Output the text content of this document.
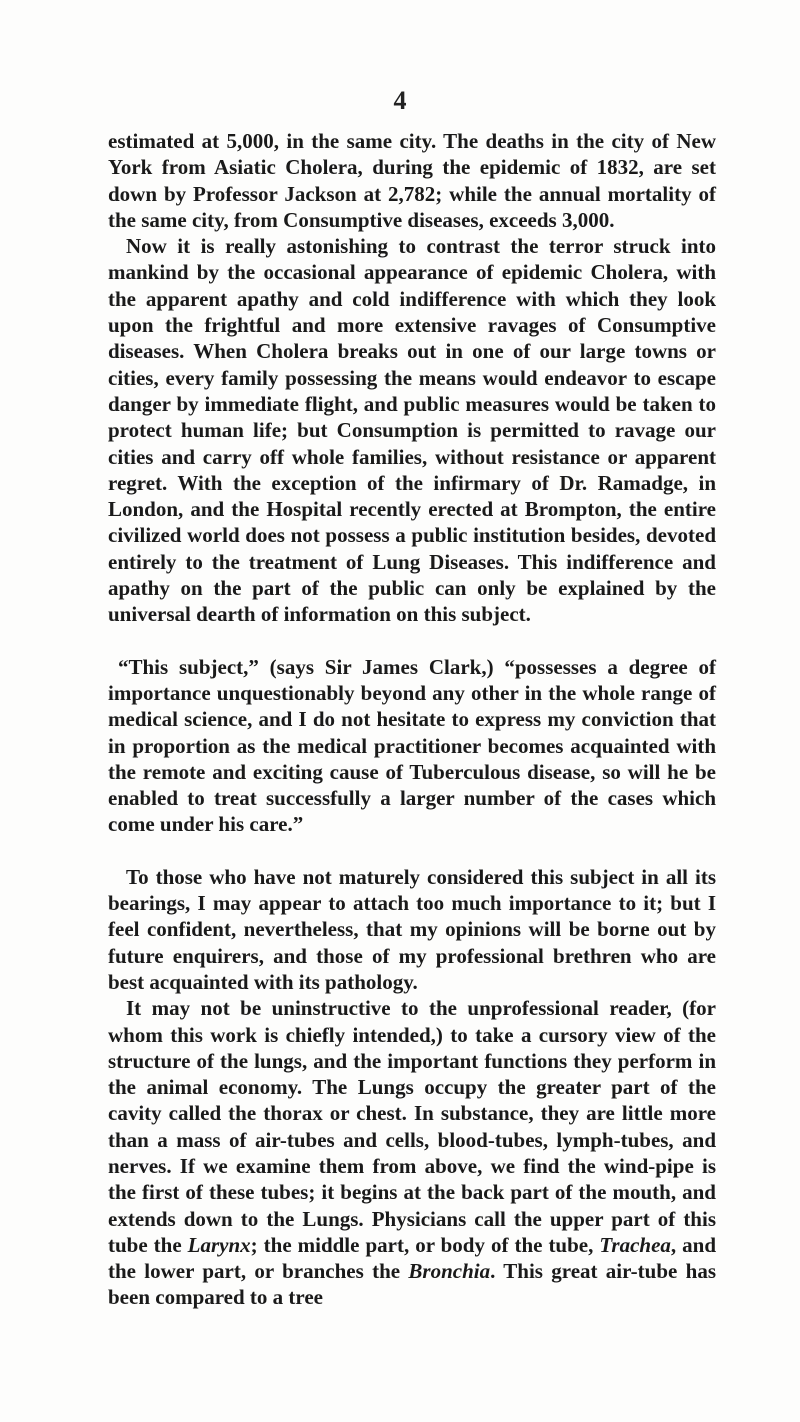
4

estimated at 5,000, in the same city. The deaths in the city of New York from Asiatic Cholera, during the epidemic of 1832, are set down by Professor Jackson at 2,782; while the annual mortality of the same city, from Consumptive diseases, exceeds 3,000.

Now it is really astonishing to contrast the terror struck into mankind by the occasional appearance of epidemic Cholera, with the apparent apathy and cold indifference with which they look upon the frightful and more extensive ravages of Consumptive diseases. When Cholera breaks out in one of our large towns or cities, every family possessing the means would endeavor to escape danger by immediate flight, and public measures would be taken to protect human life; but Consumption is permitted to ravage our cities and carry off whole families, without resistance or apparent regret. With the exception of the infirmary of Dr. Ramadge, in London, and the Hospital recently erected at Brompton, the entire civilized world does not possess a public institution besides, devoted entirely to the treatment of Lung Diseases. This indifference and apathy on the part of the public can only be explained by the universal dearth of information on this subject.

“This subject,” (says Sir James Clark,) “possesses a degree of importance unquestionably beyond any other in the whole range of medical science, and I do not hesitate to express my conviction that in proportion as the medical practitioner becomes acquainted with the remote and exciting cause of Tuberculous disease, so will he be enabled to treat successfully a larger number of the cases which come under his care.”

To those who have not maturely considered this subject in all its bearings, I may appear to attach too much importance to it; but I feel confident, nevertheless, that my opinions will be borne out by future enquirers, and those of my professional brethren who are best acquainted with its pathology.

It may not be uninstructive to the unprofessional reader, (for whom this work is chiefly intended,) to take a cursory view of the structure of the lungs, and the important functions they perform in the animal economy. The Lungs occupy the greater part of the cavity called the thorax or chest. In substance, they are little more than a mass of air-tubes and cells, blood-tubes, lymph-tubes, and nerves. If we examine them from above, we find the wind-pipe is the first of these tubes; it begins at the back part of the mouth, and extends down to the Lungs. Physicians call the upper part of this tube the Larynx; the middle part, or body of the tube, Trachea, and the lower part, or branches the Bronchia. This great air-tube has been compared to a tree
